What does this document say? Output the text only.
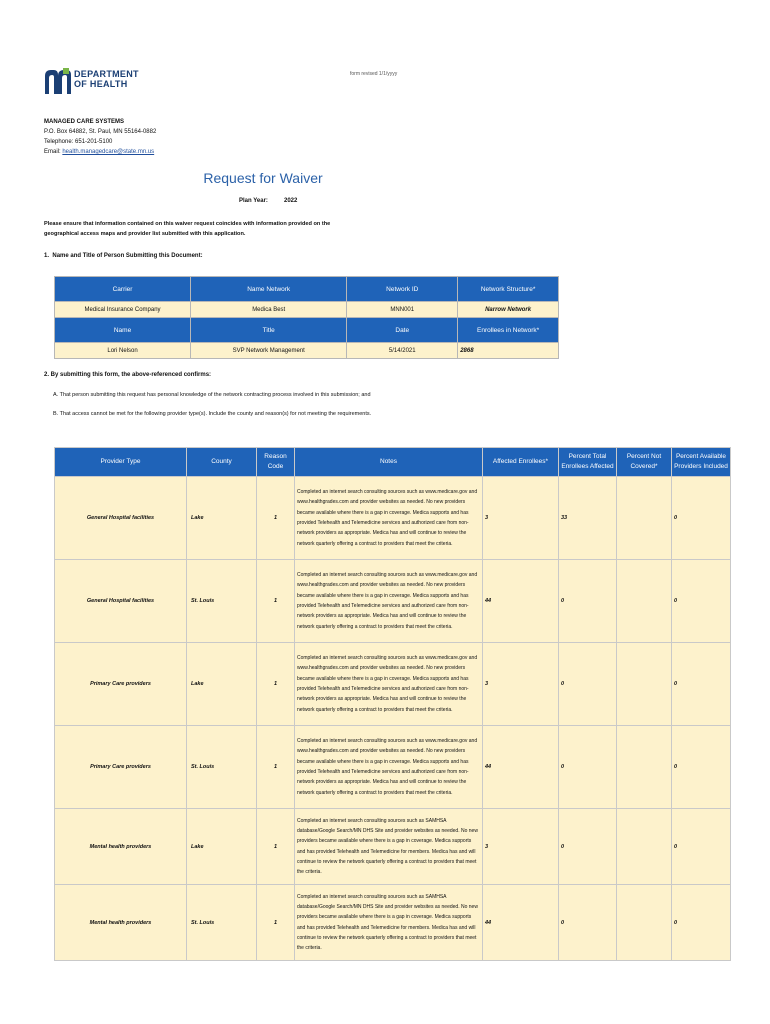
DEPARTMENT
OF HEALTH
form revised 1/1/yyyy
MANAGED CARE SYSTEMS
P.O. Box 64882, St. Paul, MN 55164-0882
Telephone: 651-201-5100
Email: health.managedcare@state.mn.us
Request for Waiver
Plan Year:	2022
Please ensure that information contained on this waiver request coincides with information provided on the geographical access maps and provider list submitted with this application.
1. Name and Title of Person Submitting this Document:
Carrier	Name Network	Network ID	Network Structure*
Medical Insurance Company	Medica Best	MNN001	Narrow Network
Name	Title	Date	Enrollees in Network*
Lori Nelson	SVP Network Management	5/14/2021	2868
2. By submitting this form, the above-referenced confirms:
A. That person submitting this request has personal knowledge of the network contracting process involved in this submission; and
B. That access cannot be met for the following provider type(s). Include the county and reason(s) for not meeting the requirements.
Provider Type	County	Reason Code	Notes	Affected Enrollees*	Percent Total Enrollees Affected	Percent Not Covered*	Percent Available Providers Included
General Hospital facilities	Lake	1	Completed an internet search consulting sources such as www.medicare.gov and www.healthgrades.com and provider websites as needed. No new providers became available where there is a gap in coverage. Medica supports and has provided Telehealth and Telemedicine services and authorized care from non-network providers as appropriate. Medica has and will continue to review the network quarterly offering a contract to providers that meet the criteria.	3	33		0
General Hospital facilities	St. Louis	1	Completed an internet search consulting sources such as www.medicare.gov and www.healthgrades.com and provider websites as needed. No new providers became available where there is a gap in coverage. Medica supports and has provided Telehealth and Telemedicine services and authorized care from non-network providers as appropriate. Medica has and will continue to review the network quarterly offering a contract to providers that meet the criteria.	44	0		0
Primary Care providers	Lake	1	Completed an internet search consulting sources such as www.medicare.gov and www.healthgrades.com and provider websites as needed. No new providers became available where there is a gap in coverage. Medica supports and has provided Telehealth and Telemedicine services and authorized care from non-network providers as appropriate. Medica has and will continue to review the network quarterly offering a contract to providers that meet the criteria.	3	0		0
Primary Care providers	St. Louis	1	Completed an internet search consulting sources such as www.medicare.gov and www.healthgrades.com and provider websites as needed. No new providers became available where there is a gap in coverage. Medica supports and has provided Telehealth and Telemedicine services and authorized care from non-network providers as appropriate. Medica has and will continue to review the network quarterly offering a contract to providers that meet the criteria.	44	0		0
Mental health providers	Lake	1	Completed an internet search consulting sources such as SAMHSA database/Google Search/MN DHS Site and provider websites as needed. No new providers became available where there is a gap in coverage. Medica supports and has provided Telehealth and Telemedicine for members. Medica has and will continue to review the network quarterly offering a contract to providers that meet the criteria.	3	0		0
Mental health providers	St. Louis	1	Completed an internet search consulting sources such as SAMHSA database/Google Search/MN DHS Site and provider websites as needed. No new providers became available where there is a gap in coverage. Medica supports and has provided Telehealth and Telemedicine for members. Medica has and will continue to review the network quarterly offering a contract to providers that meet the criteria.	44	0		0
